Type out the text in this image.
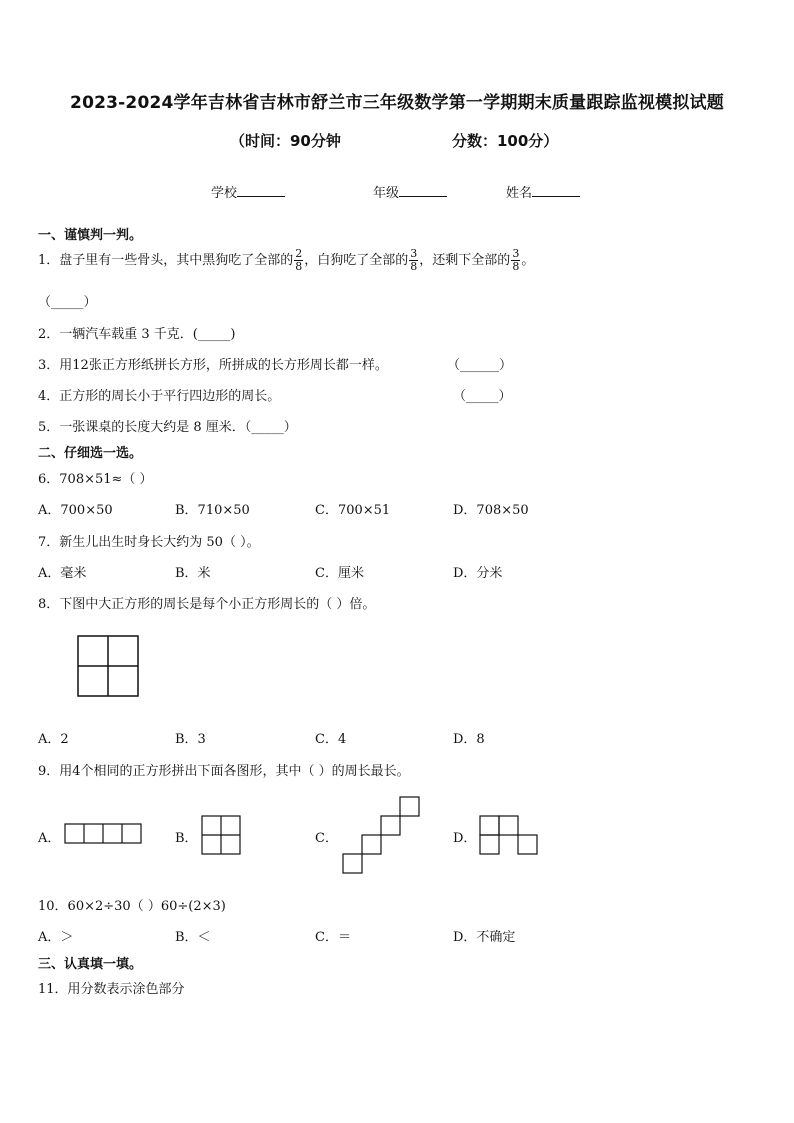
2023-2024学年吉林省吉林市舒兰市三年级数学第一学期期末质量跟踪监视模拟试题
（时间：90分钟	分数：100分）
学校	年级	姓名
一、谨慎判一判。
1．盘子里有一些骨头，其中黑狗吃了全部的 $\frac{2}{8}$ ，白狗吃了全部的 $\frac{3}{8}$ ，还剩下全部的 $\frac{3}{8}$ 。
（_____）
2．一辆汽车载重 3 千克．(_____)
3．用12张正方形纸拼长方形，所拼成的长方形周长都一样。	（______）
4．正方形的周长小于平行四边形的周长。	（_____）
5．一张课桌的长度大约是 8 厘米．（_____）
二、仔细选一选。
6．708×51≈（ ）
A．700×50	B．710×50	C．700×51	D．708×50
7．新生儿出生时身长大约为 50（ ）。
A．毫米	B．米	C．厘米	D．分米
8．下图中大正方形的周长是每个小正方形周长的（ ）倍。
A．2	B．3	C．4	D．8
9．用4个相同的正方形拼出下面各图形，其中（ ）的周长最长。
A．	B．	C．	D．
10．60×2÷30（ ）60÷(2×3)
A．＞	B．＜	C．＝	D．不确定
三、认真填一填。
11．用分数表示涂色部分
